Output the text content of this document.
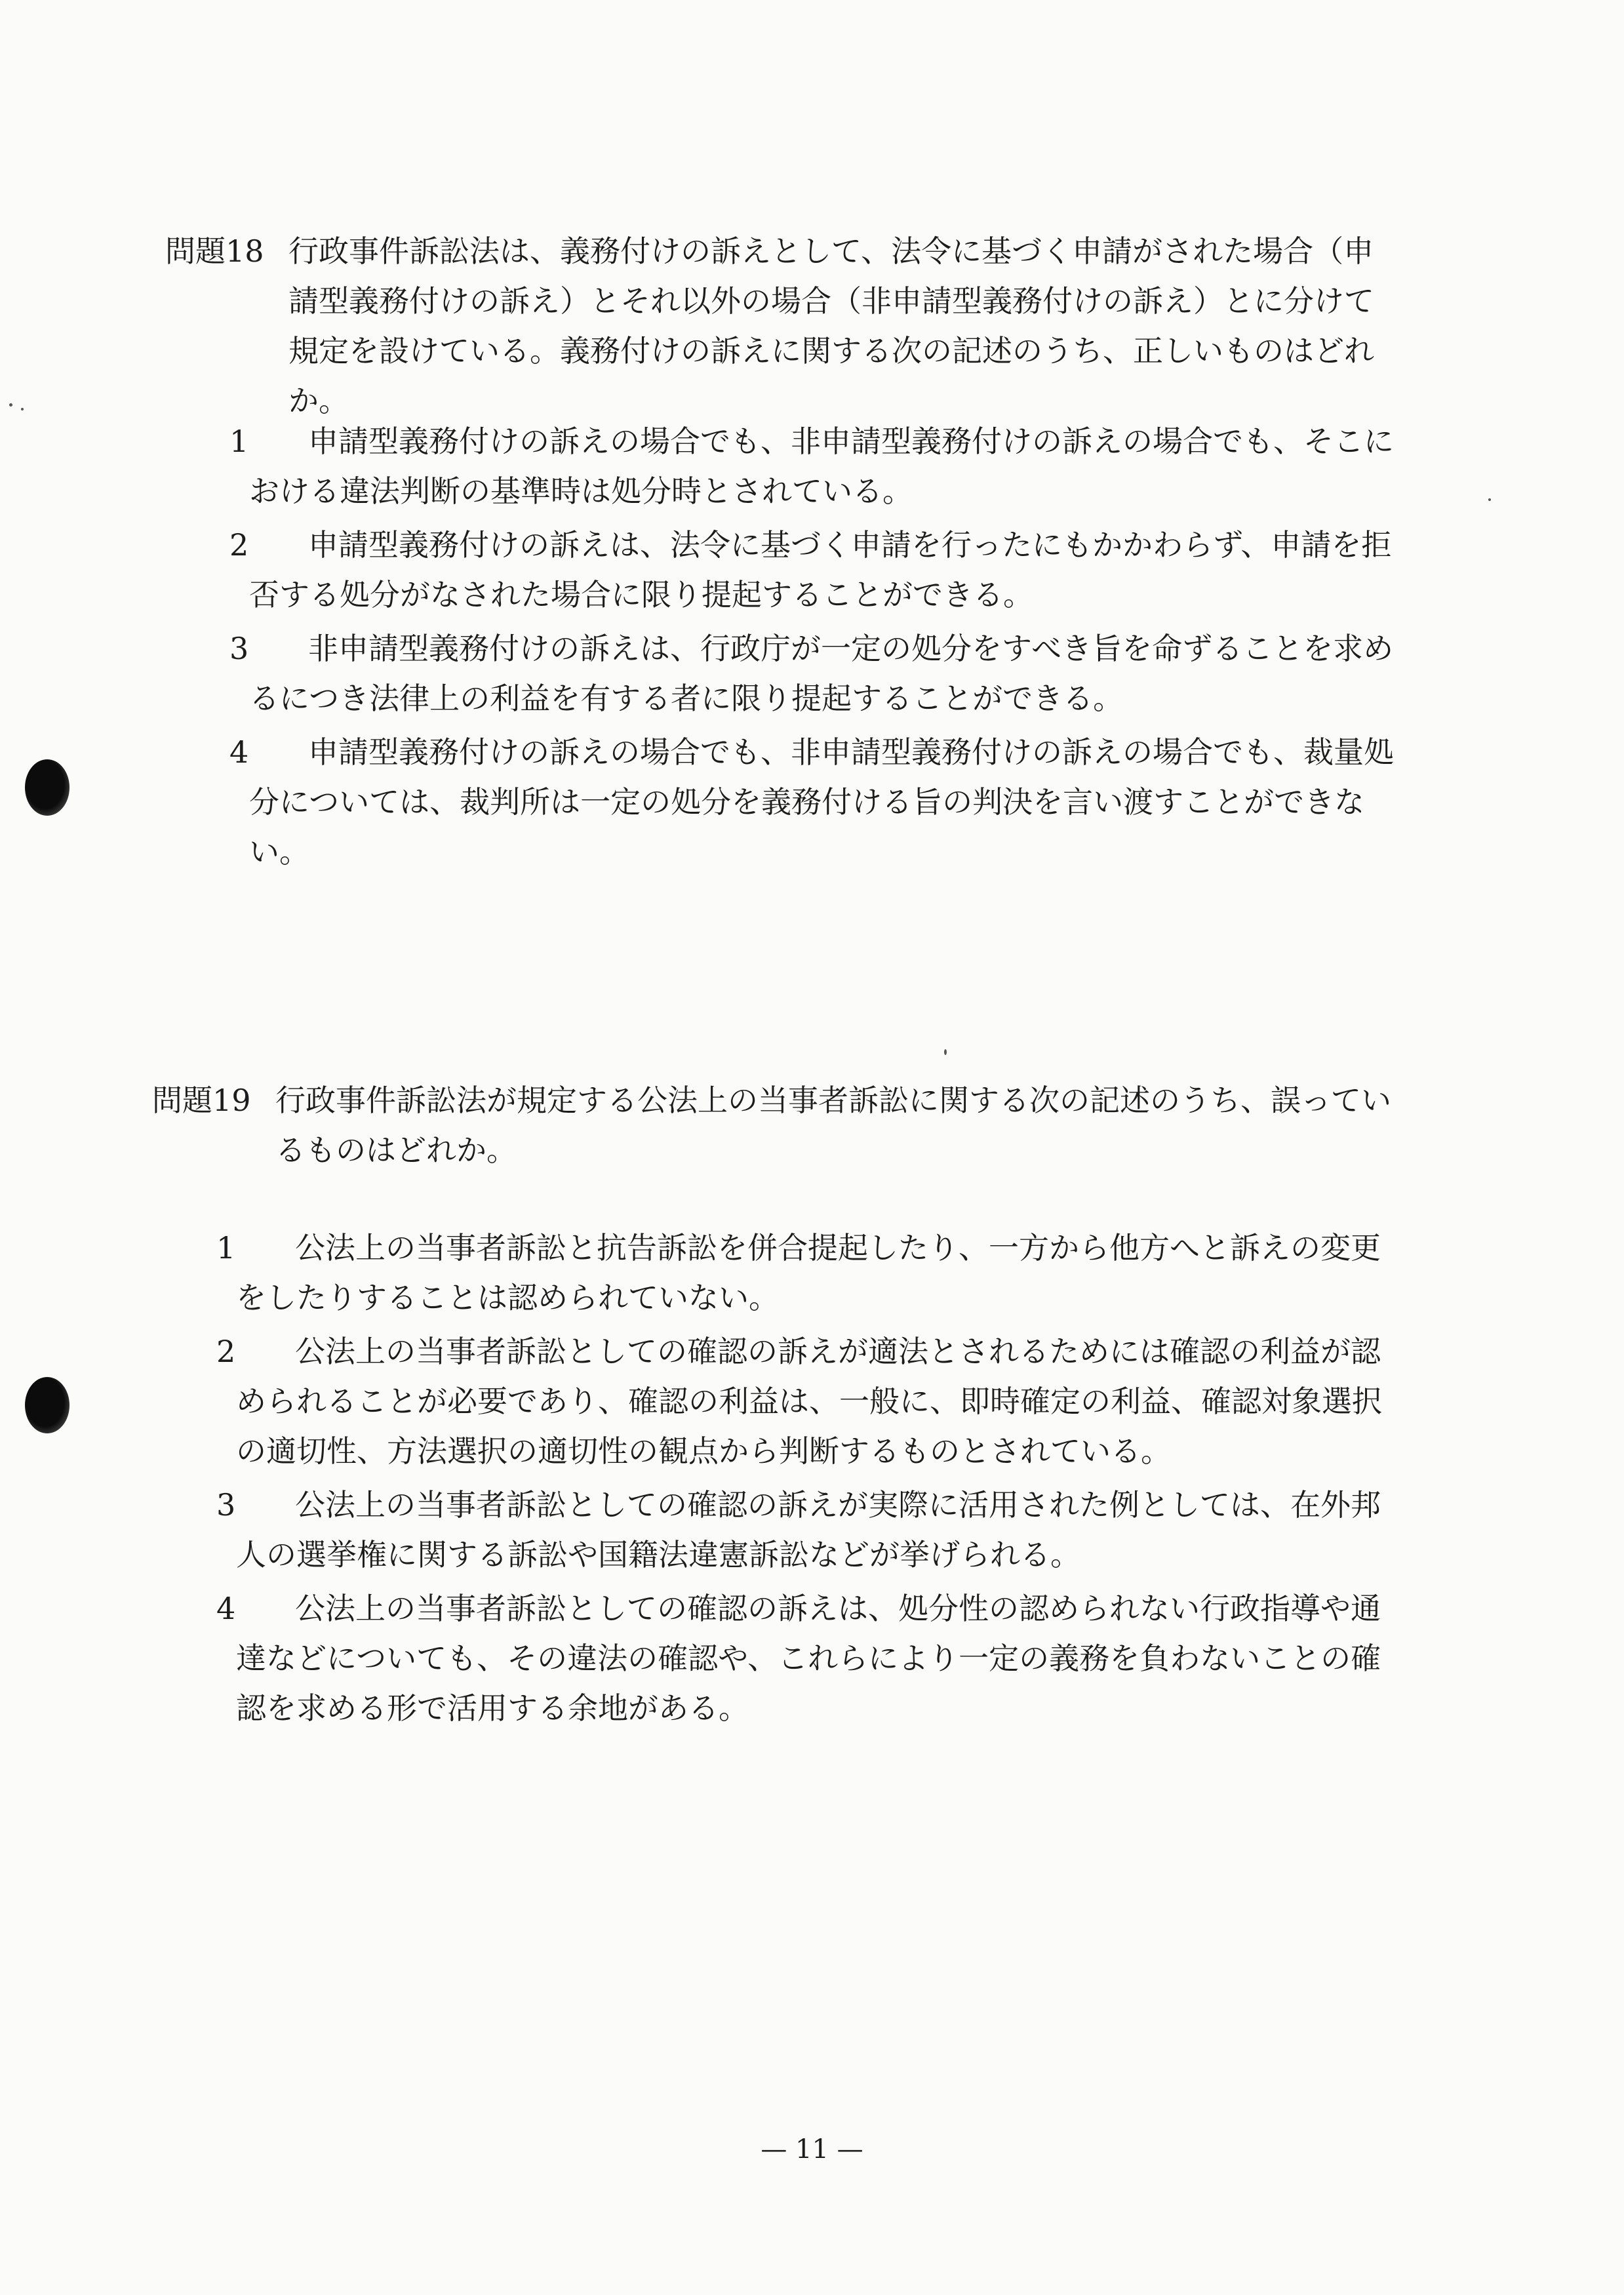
問題18 行政事件訴訟法は、義務付けの訴えとして、法令に基づく申請がされた場合（申請型義務付けの訴え）とそれ以外の場合（非申請型義務付けの訴え）とに分けて規定を設けている。義務付けの訴えに関する次の記述のうち、正しいものはどれか。
1	申請型義務付けの訴えの場合でも、非申請型義務付けの訴えの場合でも、そこにおける違法判断の基準時は処分時とされている。
2	申請型義務付けの訴えは、法令に基づく申請を行ったにもかかわらず、申請を拒否する処分がなされた場合に限り提起することができる。
3	非申請型義務付けの訴えは、行政庁が一定の処分をすべき旨を命ずることを求めるにつき法律上の利益を有する者に限り提起することができる。
4	申請型義務付けの訴えの場合でも、非申請型義務付けの訴えの場合でも、裁量処分については、裁判所は一定の処分を義務付ける旨の判決を言い渡すことができない。
問題19 行政事件訴訟法が規定する公法上の当事者訴訟に関する次の記述のうち、誤っているものはどれか。
1	公法上の当事者訴訟と抗告訴訟を併合提起したり、一方から他方へと訴えの変更をしたりすることは認められていない。
2	公法上の当事者訴訟としての確認の訴えが適法とされるためには確認の利益が認められることが必要であり、確認の利益は、一般に、即時確定の利益、確認対象選択の適切性、方法選択の適切性の観点から判断するものとされている。
3	公法上の当事者訴訟としての確認の訴えが実際に活用された例としては、在外邦人の選挙権に関する訴訟や国籍法違憲訴訟などが挙げられる。
4	公法上の当事者訴訟としての確認の訴えは、処分性の認められない行政指導や通達などについても、その違法の確認や、これらにより一定の義務を負わないことの確認を求める形で活用する余地がある。
— 11 —
